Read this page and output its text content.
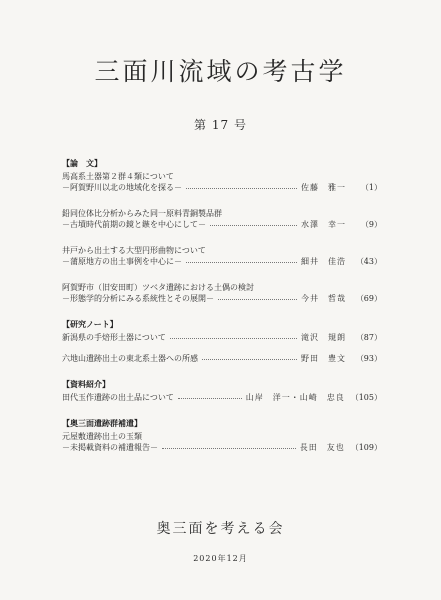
三面川流域の考古学
第 17 号
【論　文】
馬高系土器第２群４類について
－阿賀野川以北の地域化を探る－	佐藤　雅一	（1）
鉛同位体比分析からみた同一原料青銅製品群
－古墳時代前期の鏡と鏃を中心にして－	水澤　幸一	（9）
井戸から出土する大型円形曲物について
－蒲原地方の出土事例を中心に－	細井　佳浩	（43）
阿賀野市（旧安田町）ツベタ遺跡における土偶の検討
－形態学的分析にみる系統性とその展開－	今井　哲哉	（69）
【研究ノート】
新潟県の手焙形土器について	滝沢　規朗	（87）
六地山遺跡出土の東北系土器への所感	野田　豊文	（93）
【資料紹介】
田代玉作遺跡の出土品について	山岸　洋一・山崎　忠良 （105）
【奥三面遺跡群補遺】
元屋敷遺跡出土の玉類
－未掲載資料の補遺報告－	長田　友也 （109）
奥三面を考える会
2020年12月
